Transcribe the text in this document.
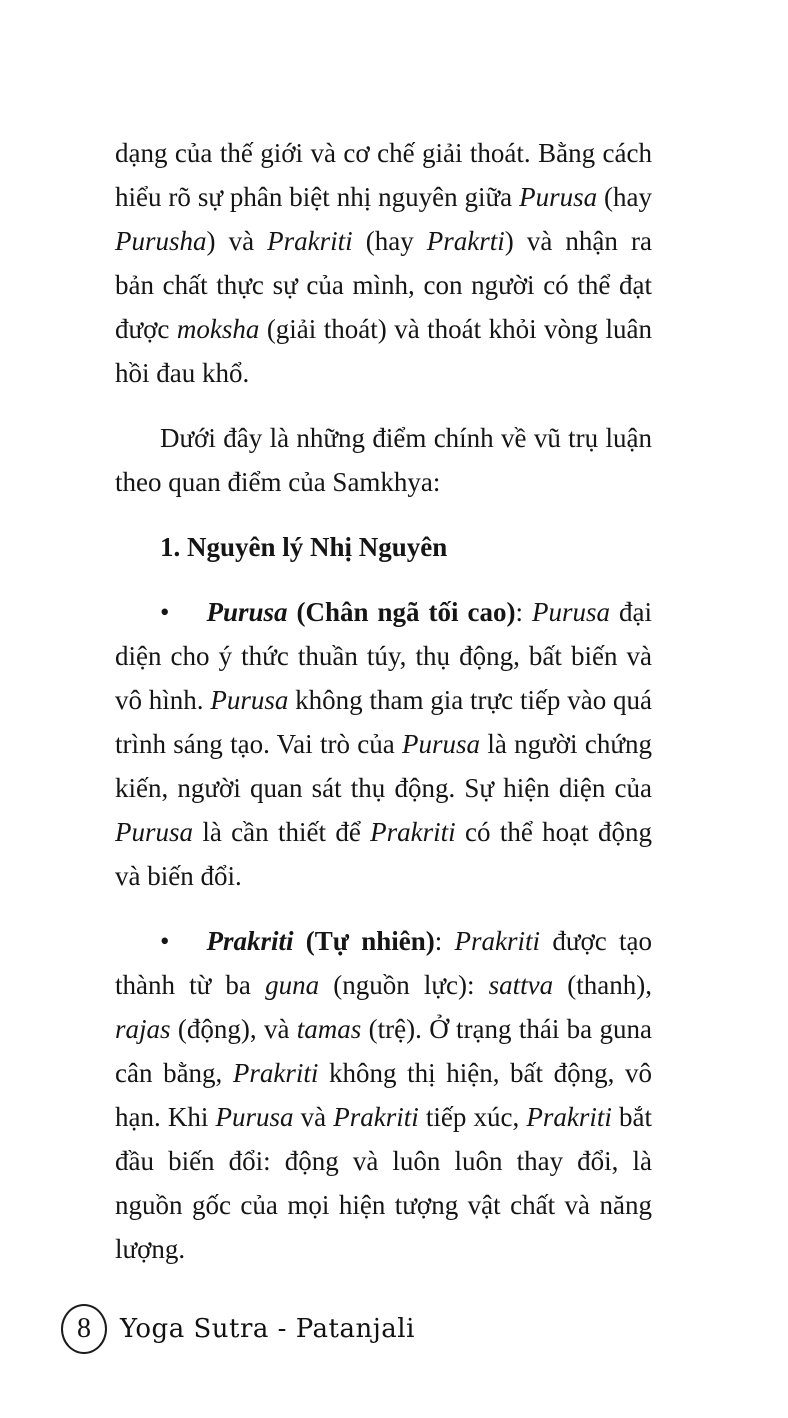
dạng của thế giới và cơ chế giải thoát. Bằng cách hiểu rõ sự phân biệt nhị nguyên giữa Purusa (hay Purusha) và Prakriti (hay Prakrti) và nhận ra bản chất thực sự của mình, con người có thể đạt được moksha (giải thoát) và thoát khỏi vòng luân hồi đau khổ.

Dưới đây là những điểm chính về vũ trụ luận theo quan điểm của Samkhya:

1. Nguyên lý Nhị Nguyên

• Purusa (Chân ngã tối cao): Purusa đại diện cho ý thức thuần túy, thụ động, bất biến và vô hình. Purusa không tham gia trực tiếp vào quá trình sáng tạo. Vai trò của Purusa là người chứng kiến, người quan sát thụ động. Sự hiện diện của Purusa là cần thiết để Prakriti có thể hoạt động và biến đổi.

• Prakriti (Tự nhiên): Prakriti được tạo thành từ ba guna (nguồn lực): sattva (thanh), rajas (động), và tamas (trệ). Ở trạng thái ba guna cân bằng, Prakriti không thị hiện, bất động, vô hạn. Khi Purusa và Prakriti tiếp xúc, Prakriti bắt đầu biến đổi: động và luôn luôn thay đổi, là nguồn gốc của mọi hiện tượng vật chất và năng lượng.

8 Yoga Sutra - Patanjali
